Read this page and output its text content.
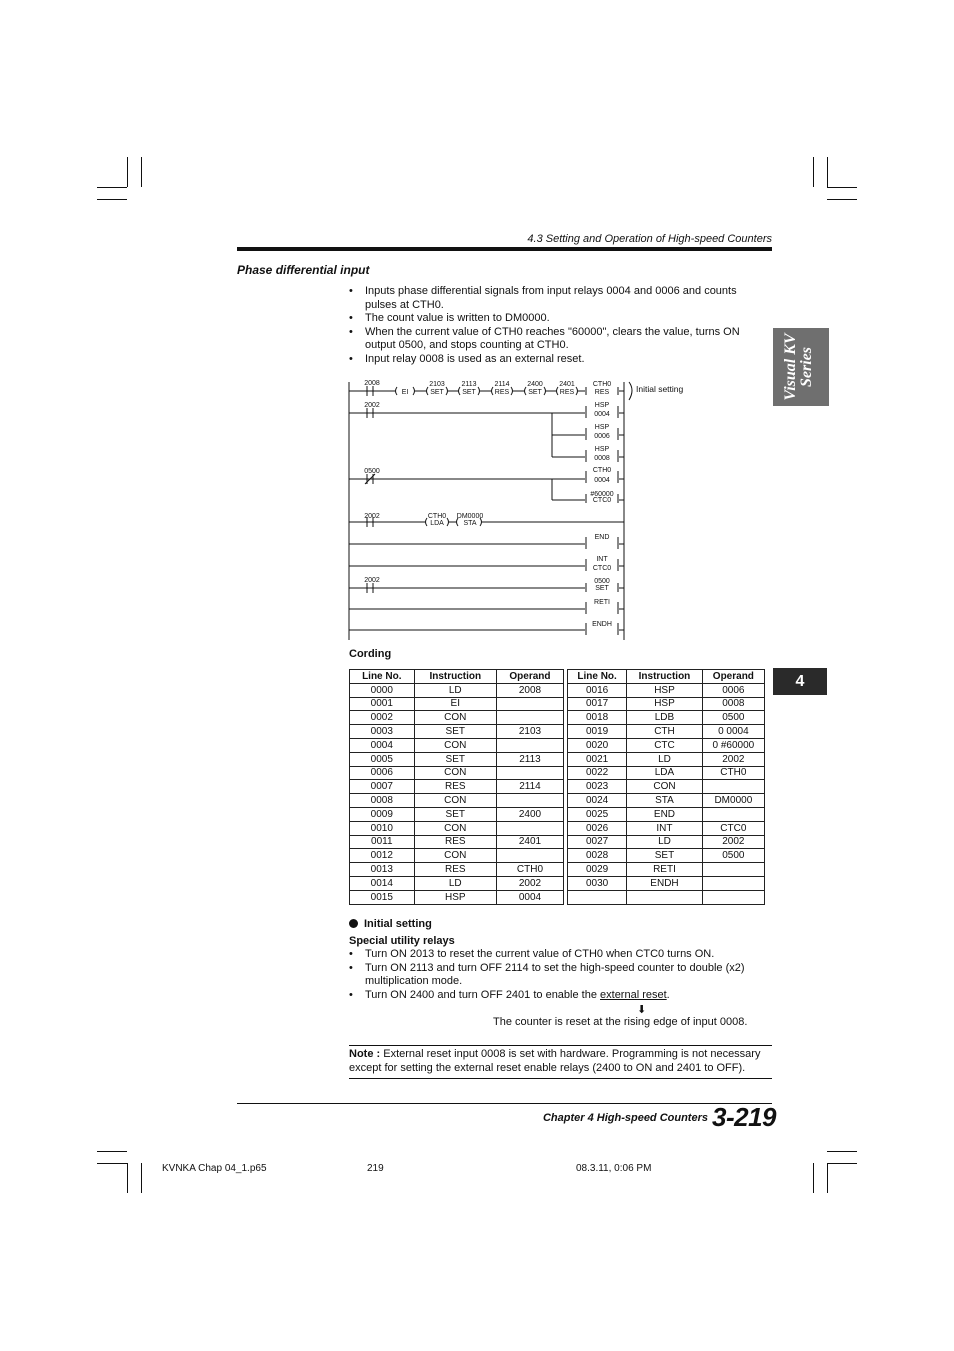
4.3 Setting and Operation of High-speed Counters
Visual KV Series
4
Phase differential input
• Inputs phase differential signals from input relays 0004 and 0006 and counts pulses at CTH0.
• The count value is written to DM0000.
• When the current value of CTH0 reaches "60000", clears the value, turns ON output 0500, and stops counting at CTH0.
• Input relay 0008 is used as an external reset.
2008
EI
2103
SET
2113
SET
2114
RES
2400
SET
2401
RES
CTH0
RES
2002	HSP
0004
HSP
0006
HSP
0008
0500	CTH0
0004
#60000
CTC0
2002	CTH0
LDA
DM0000
STA
END
INT
CTC0
2002	0500
SET
RETI
ENDH
Initial setting
Cording
Line No.	Instruction	Operand
0000	LD	2008
0001	EI	
0002	CON	
0003	SET	2103
0004	CON	
0005	SET	2113
0006	CON	
0007	RES	2114
0008	CON	
0009	SET	2400
0010	CON	
0011	RES	2401
0012	CON	
0013	RES	CTH0
0014	LD	2002
0015	HSP	0004
Line No.	Instruction	Operand
0016	HSP	0006
0017	HSP	0008
0018	LDB	0500
0019	CTH	0 0004
0020	CTC	0 #60000
0021	LD	2002
0022	LDA	CTH0
0023	CON	
0024	STA	DM0000
0025	END	
0026	INT	CTC0
0027	LD	2002
0028	SET	0500
0029	RETI	
0030	ENDH	

Initial setting
Special utility relays
• Turn ON 2013 to reset the current value of CTH0 when CTC0 turns ON.
• Turn ON 2113 and turn OFF 2114 to set the high-speed counter to double (x2) multiplication mode.
• Turn ON 2400 and turn OFF 2401 to enable the external reset.
⬇
The counter is reset at the rising edge of input 0008.
Note : External reset input 0008 is set with hardware. Programming is not necessary except for setting the external reset enable relays (2400 to ON and 2401 to OFF).
Chapter 4 High-speed Counters 3-219
KVNKA Chap 04_1.p65	219	08.3.11, 0:06 PM
